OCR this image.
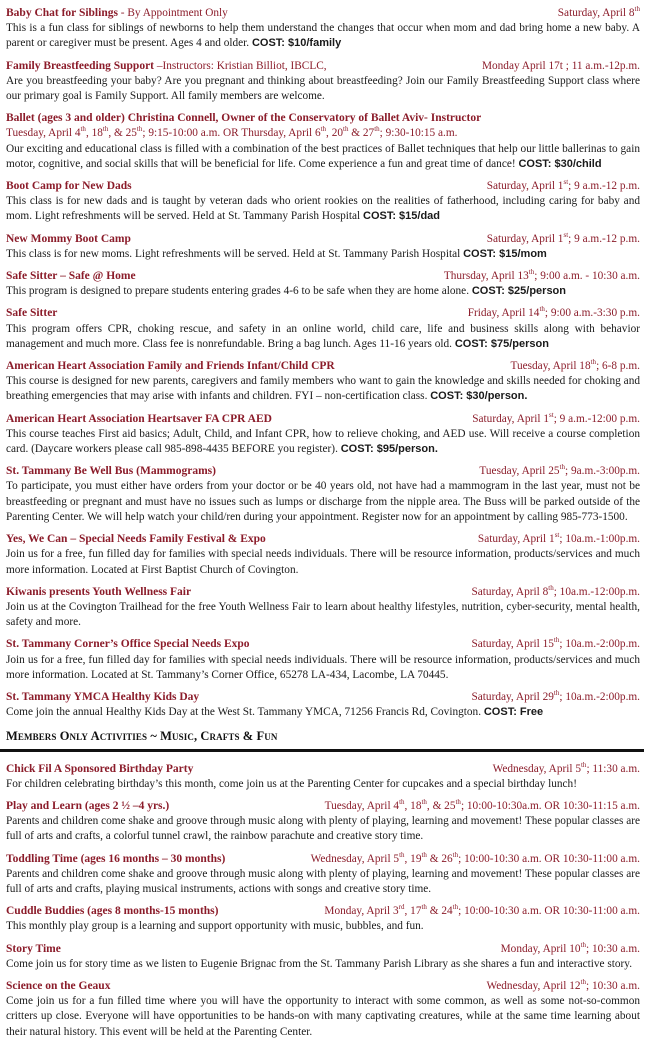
Baby Chat for Siblings - By Appointment Only	Saturday, April 8th
This is a fun class for siblings of newborns to help them understand the changes that occur when mom and dad bring home a new baby. A parent or caregiver must be present. Ages 4 and older. COST: $10/family
Family Breastfeeding Support –Instructors: Kristian Billiot, IBCLC,	Monday April 17t ; 11 a.m.-12p.m.
Are you breastfeeding your baby? Are you pregnant and thinking about breastfeeding? Join our Family Breastfeeding Support class where our primary goal is Family Support. All family members are welcome.
Ballet (ages 3 and older) Christina Connell, Owner of the Conservatory of Ballet Aviv- Instructor
Tuesday, April 4th, 18th, & 25th; 9:15-10:00 a.m. OR Thursday, April 6th, 20th & 27th; 9:30-10:15 a.m.
Our exciting and educational class is filled with a combination of the best practices of Ballet techniques that help our little ballerinas to gain motor, cognitive, and social skills that will be beneficial for life. Come experience a fun and great time of dance! COST: $30/child
Boot Camp for New Dads	Saturday, April 1st; 9 a.m.-12 p.m.
This class is for new dads and is taught by veteran dads who orient rookies on the realities of fatherhood, including caring for baby and mom. Light refreshments will be served. Held at St. Tammany Parish Hospital COST: $15/dad
New Mommy Boot Camp	Saturday, April 1st; 9 a.m.-12 p.m.
This class is for new moms. Light refreshments will be served. Held at St. Tammany Parish Hospital COST: $15/mom
Safe Sitter – Safe @ Home	Thursday, April 13th; 9:00 a.m. - 10:30 a.m.
This program is designed to prepare students entering grades 4-6 to be safe when they are home alone. COST: $25/person
Safe Sitter	Friday, April 14th; 9:00 a.m.-3:30 p.m.
This program offers CPR, choking rescue, and safety in an online world, child care, life and business skills along with behavior management and much more. Class fee is nonrefundable. Bring a bag lunch. Ages 11-16 years old. COST: $75/person
American Heart Association Family and Friends Infant/Child CPR	Tuesday, April 18th; 6-8 p.m.
This course is designed for new parents, caregivers and family members who want to gain the knowledge and skills needed for choking and breathing emergencies that may arise with infants and children. FYI – non-certification class. COST: $30/person.
American Heart Association Heartsaver FA CPR AED	Saturday, April 1st; 9 a.m.-12:00 p.m.
This course teaches First aid basics; Adult, Child, and Infant CPR, how to relieve choking, and AED use. Will receive a course completion card. (Daycare workers please call 985-898-4435 BEFORE you register). COST: $95/person.
St. Tammany Be Well Bus (Mammograms)	Tuesday, April 25th; 9a.m.-3:00p.m.
To participate, you must either have orders from your doctor or be 40 years old, not have had a mammogram in the last year, must not be breastfeeding or pregnant and must have no issues such as lumps or discharge from the nipple area. The Buss will be parked outside of the Parenting Center. We will help watch your child/ren during your appointment. Register now for an appointment by calling 985-773-1500.
Yes, We Can – Special Needs Family Festival & Expo	Saturday, April 1st; 10a.m.-1:00p.m.
Join us for a free, fun filled day for families with special needs individuals. There will be resource information, products/services and much more information. Located at First Baptist Church of Covington.
Kiwanis presents Youth Wellness Fair	Saturday, April 8th; 10a.m.-12:00p.m.
Join us at the Covington Trailhead for the free Youth Wellness Fair to learn about healthy lifestyles, nutrition, cyber-security, mental health, safety and more.
St. Tammany Corner’s Office Special Needs Expo	Saturday, April 15th; 10a.m.-2:00p.m.
Join us for a free, fun filled day for families with special needs individuals. There will be resource information, products/services and much more information. Located at St. Tammany’s Corner Office, 65278 LA-434, Lacombe, LA 70445.
St. Tammany YMCA Healthy Kids Day	Saturday, April 29th; 10a.m.-2:00p.m.
Come join the annual Healthy Kids Day at the West St. Tammany YMCA, 71256 Francis Rd, Covington. COST: Free
Members Only Activities ~ Music, Crafts & Fun
Chick Fil A Sponsored Birthday Party	Wednesday, April 5th; 11:30 a.m.
For children celebrating birthday’s this month, come join us at the Parenting Center for cupcakes and a special birthday lunch!
Play and Learn (ages 2 ½ –4 yrs.)	Tuesday, April 4th, 18th, & 25th; 10:00-10:30a.m. OR 10:30-11:15 a.m.
Parents and children come shake and groove through music along with plenty of playing, learning and movement! These popular classes are full of arts and crafts, a colorful tunnel crawl, the rainbow parachute and creative story time.
Toddling Time (ages 16 months – 30 months)	Wednesday, April 5th, 19th & 26th; 10:00-10:30 a.m. OR 10:30-11:00 a.m.
Parents and children come shake and groove through music along with plenty of playing, learning and movement! These popular classes are full of arts and crafts, playing musical instruments, actions with songs and creative story time.
Cuddle Buddies (ages 8 months-15 months)	Monday, April 3rd, 17th & 24th; 10:00-10:30 a.m. OR 10:30-11:00 a.m.
This monthly play group is a learning and support opportunity with music, bubbles, and fun.
Story Time	Monday, April 10th; 10:30 a.m.
Come join us for story time as we listen to Eugenie Brignac from the St. Tammany Parish Library as she shares a fun and interactive story.
Science on the Geaux	Wednesday, April 12th; 10:30 a.m.
Come join us for a fun filled time where you will have the opportunity to interact with some common, as well as some not-so-common critters up close. Everyone will have opportunities to be hands-on with many captivating creatures, while at the same time learning about their natural history. This event will be held at the Parenting Center.
